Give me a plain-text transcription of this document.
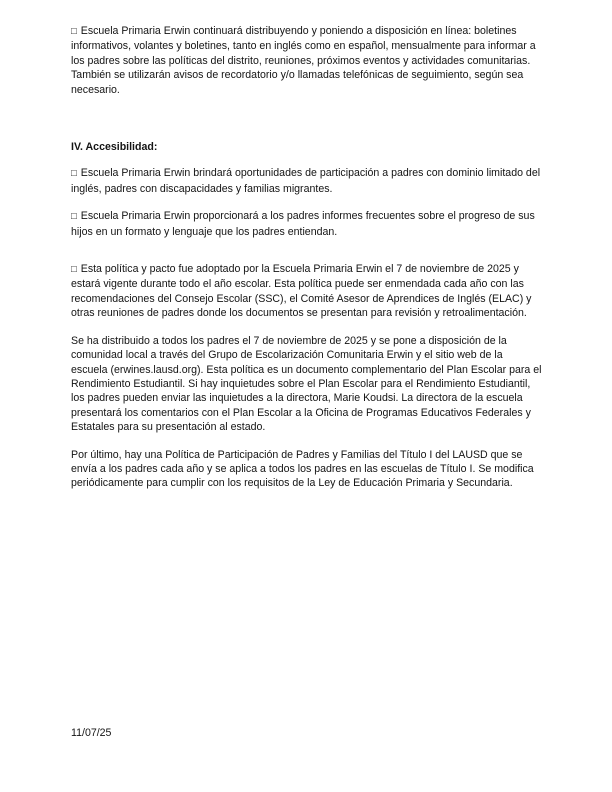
□ Escuela Primaria Erwin continuará distribuyendo y poniendo a disposición en línea: boletines informativos, volantes y boletines, tanto en inglés como en español, mensualmente para informar a los padres sobre las políticas del distrito, reuniones, próximos eventos y actividades comunitarias. También se utilizarán avisos de recordatorio y/o llamadas telefónicas de seguimiento, según sea necesario.

IV. Accesibilidad:

□ Escuela Primaria Erwin brindará oportunidades de participación a padres con dominio limitado del inglés, padres con discapacidades y familias migrantes.

□ Escuela Primaria Erwin proporcionará a los padres informes frecuentes sobre el progreso de sus hijos en un formato y lenguaje que los padres entiendan.

□ Esta política y pacto fue adoptado por la Escuela Primaria Erwin el 7 de noviembre de 2025 y estará vigente durante todo el año escolar. Esta política puede ser enmendada cada año con las recomendaciones del Consejo Escolar (SSC), el Comité Asesor de Aprendices de Inglés (ELAC) y otras reuniones de padres donde los documentos se presentan para revisión y retroalimentación.

Se ha distribuido a todos los padres el 7 de noviembre de 2025 y se pone a disposición de la comunidad local a través del Grupo de Escolarización Comunitaria Erwin y el sitio web de la escuela (erwines.lausd.org). Esta política es un documento complementario del Plan Escolar para el Rendimiento Estudiantil. Si hay inquietudes sobre el Plan Escolar para el Rendimiento Estudiantil, los padres pueden enviar las inquietudes a la directora, Marie Koudsi. La directora de la escuela presentará los comentarios con el Plan Escolar a la Oficina de Programas Educativos Federales y Estatales para su presentación al estado.

Por último, hay una Política de Participación de Padres y Familias del Título I del LAUSD que se envía a los padres cada año y se aplica a todos los padres en las escuelas de Título I. Se modifica periódicamente para cumplir con los requisitos de la Ley de Educación Primaria y Secundaria.

11/07/25
